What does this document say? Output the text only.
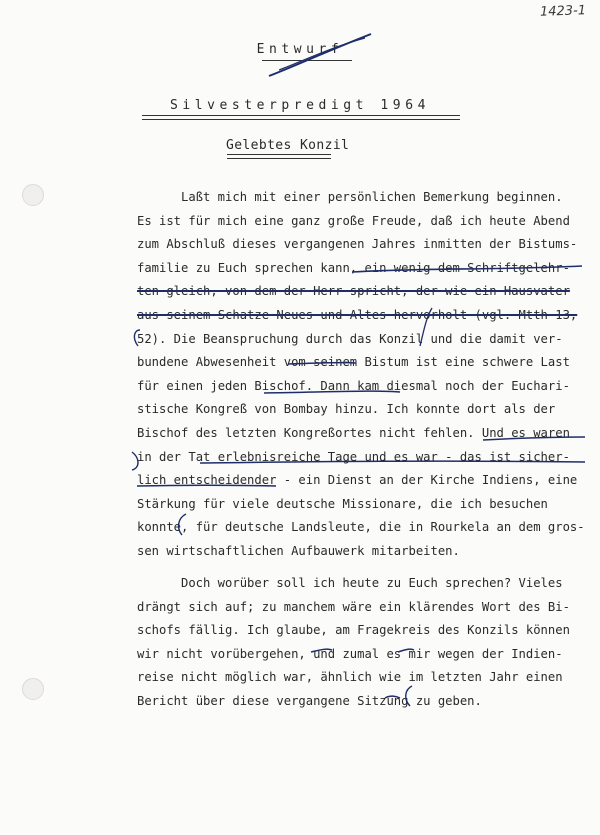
1423-1
Entwurf
Silvesterpredigt 1964
Gelebtes Konzil
Laßt mich mit einer persönlichen Bemerkung beginnen.
Es ist für mich eine ganz große Freude, daß ich heute Abend
zum Abschluß dieses vergangenen Jahres inmitten der Bistums-
familie zu Euch sprechen kann, ein wenig dem Schriftgelehr-
ten gleich, von dem der Herr spricht, der wie ein Hausvater
aus seinem Schatze Neues und Altes hervorholt (vgl. Mtth 13,
52). Die Beanspruchung durch das Konzil und die damit ver-
bundene Abwesenheit vom seinem Bistum ist eine schwere Last
für einen jeden Bischof. Dann kam diesmal noch der Euchari-
stische Kongreß von Bombay hinzu. Ich konnte dort als der
Bischof des letzten Kongreßortes nicht fehlen. Und es waren
in der Tat erlebnisreiche Tage und es war - das ist sicher-
lich entscheidender - ein Dienst an der Kirche Indiens, eine
Stärkung für viele deutsche Missionare, die ich besuchen
konnte, für deutsche Landsleute, die in Rourkela an dem gros-
sen wirtschaftlichen Aufbauwerk mitarbeiten.
Doch worüber soll ich heute zu Euch sprechen? Vieles
drängt sich auf; zu manchem wäre ein klärendes Wort des Bi-
schofs fällig. Ich glaube, am Fragekreis des Konzils können
wir nicht vorübergehen, und zumal es mir wegen der Indien-
reise nicht möglich war, ähnlich wie im letzten Jahr einen
Bericht über diese vergangene Sitzung zu geben.
